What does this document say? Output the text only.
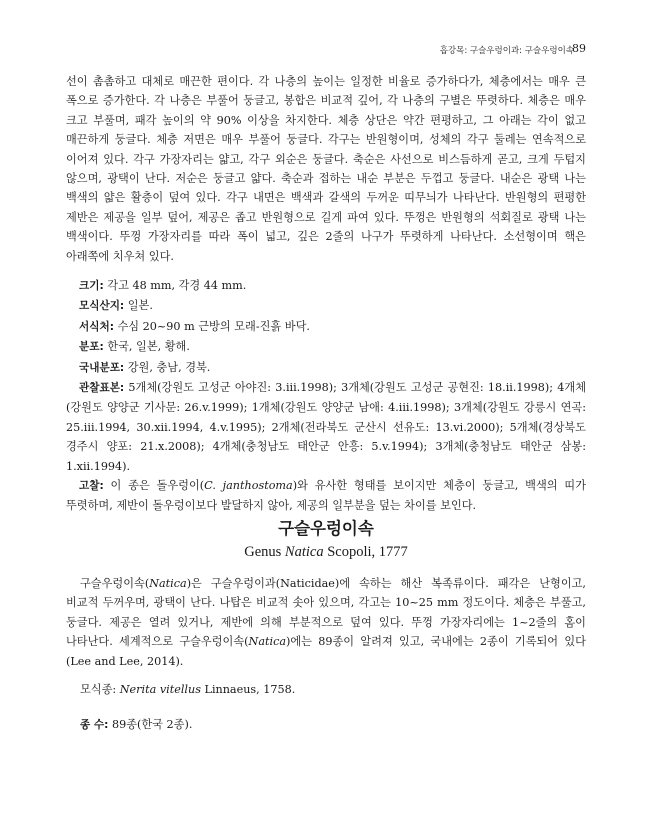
흡강목: 구슬우렁이과: 구슬우렁이속
89
선이 촘촘하고 대체로 매끈한 편이다. 각 나층의 높이는 일정한 비율로 증가하다가, 체층에서는 매우 큰 폭으로 증가한다. 각 나층은 부풀어 둥글고, 봉합은 비교적 깊어, 각 나층의 구별은 뚜렷하다. 체층은 매우 크고 부풀며, 패각 높이의 약 90% 이상을 차지한다. 체층 상단은 약간 편평하고, 그 아래는 각이 없고 매끈하게 둥글다. 체층 저면은 매우 부풀어 둥글다. 각구는 반원형이며, 성체의 각구 둘레는 연속적으로 이어져 있다. 각구 가장자리는 얇고, 각구 외순은 둥글다. 축순은 사선으로 비스듬하게 곧고, 크게 두텁지 않으며, 광택이 난다. 저순은 둥글고 얇다. 축순과 접하는 내순 부분은 두껍고 둥글다. 내순은 광택 나는 백색의 얇은 활층이 덮여 있다. 각구 내면은 백색과 갈색의 두꺼운 띠무늬가 나타난다. 반원형의 편평한 제반은 제공을 일부 덮어, 제공은 좁고 반원형으로 길게 파여 있다. 뚜껑은 반원형의 석회질로 광택 나는 백색이다. 뚜껑 가장자리를 따라 폭이 넓고, 깊은 2줄의 나구가 뚜렷하게 나타난다. 소선형이며 핵은 아래쪽에 치우쳐 있다.
크기: 각고 48 mm, 각경 44 mm.
모식산지: 일본.
서식처: 수심 20~90 m 근방의 모래-진흙 바닥.
분포: 한국, 일본, 황해.
국내분포: 강원, 충남, 경북.
관찰표본: 5개체(강원도 고성군 아야진: 3.iii.1998); 3개체(강원도 고성군 공현진: 18.ii.1998); 4개체(강원도 양양군 기사문: 26.v.1999); 1개체(강원도 양양군 남애: 4.iii.1998); 3개체(강원도 강릉시 연곡: 25.iii.1994, 30.xii.1994, 4.v.1995); 2개체(전라북도 군산시 선유도: 13.vi.2000); 5개체(경상북도 경주시 양포: 21.x.2008); 4개체(충청남도 태안군 안흥: 5.v.1994); 3개체(충청남도 태안군 삼봉: 1.xii.1994).
고찰: 이 종은 돌우렁이(C. janthostoma)와 유사한 형태를 보이지만 체층이 둥글고, 백색의 띠가 뚜렷하며, 제반이 돌우렁이보다 발달하지 않아, 제공의 일부분을 덮는 차이를 보인다.
구슬우렁이속
Genus Natica Scopoli, 1777
구슬우렁이속(Natica)은 구슬우렁이과(Naticidae)에 속하는 해산 복족류이다. 패각은 난형이고, 비교적 두꺼우며, 광택이 난다. 나탑은 비교적 솟아 있으며, 각고는 10~25 mm 정도이다. 체층은 부풀고, 둥글다. 제공은 열려 있거나, 제반에 의해 부분적으로 덮여 있다. 뚜껑 가장자리에는 1~2줄의 홈이 나타난다. 세계적으로 구슬우렁이속(Natica)에는 89종이 알려져 있고, 국내에는 2종이 기록되어 있다(Lee and Lee, 2014).
모식종: Nerita vitellus Linnaeus, 1758.
종 수: 89종(한국 2종).
